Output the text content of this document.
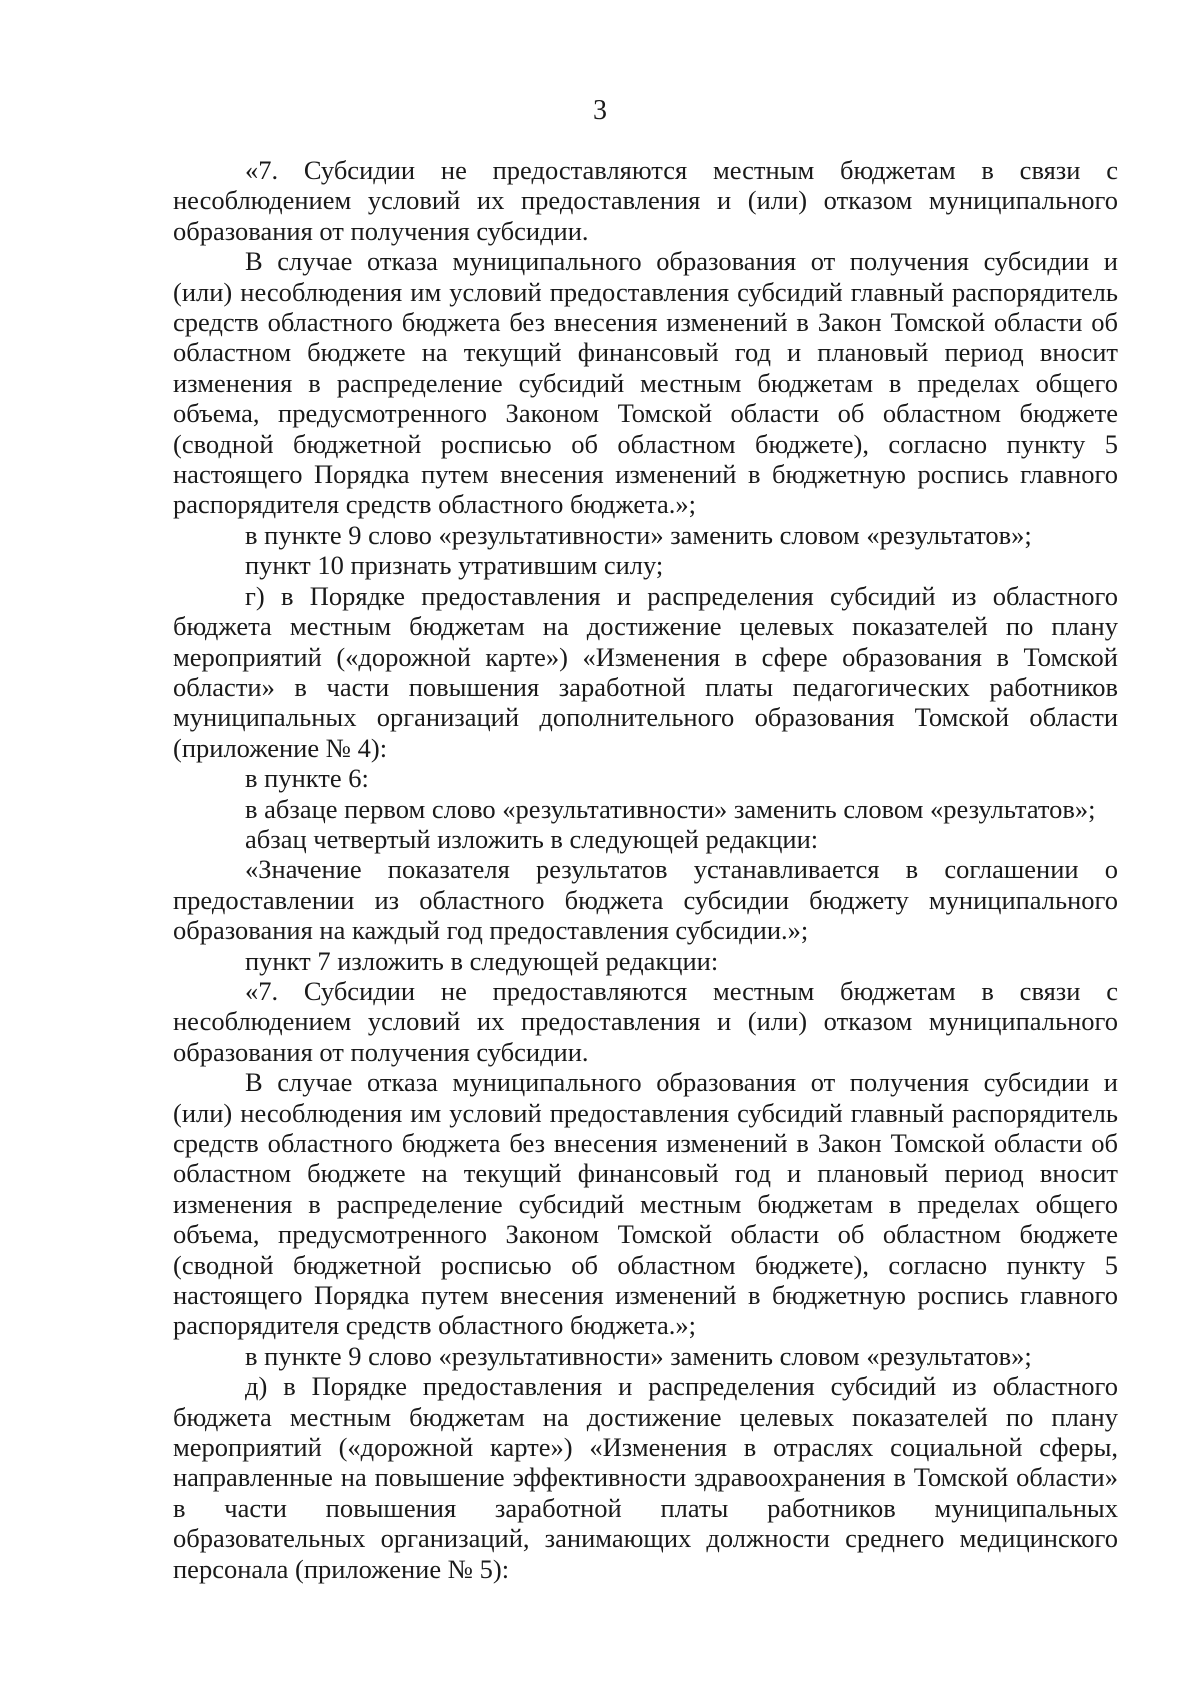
3

«7. Субсидии не предоставляются местным бюджетам в связи с несоблюдением условий их предоставления и (или) отказом муниципального образования от получения субсидии.

В случае отказа муниципального образования от получения субсидии и (или) несоблюдения им условий предоставления субсидий главный распорядитель средств областного бюджета без внесения изменений в Закон Томской области об областном бюджете на текущий финансовый год и плановый период вносит изменения в распределение субсидий местным бюджетам в пределах общего объема, предусмотренного Законом Томской области об областном бюджете (сводной бюджетной росписью об областном бюджете), согласно пункту 5 настоящего Порядка путем внесения изменений в бюджетную роспись главного распорядителя средств областного бюджета.»;

в пункте 9 слово «результативности» заменить словом «результатов»;

пункт 10 признать утратившим силу;

г) в Порядке предоставления и распределения субсидий из областного бюджета местным бюджетам на достижение целевых показателей по плану мероприятий («дорожной карте») «Изменения в сфере образования в Томской области» в части повышения заработной платы педагогических работников муниципальных организаций дополнительного образования Томской области (приложение № 4):

в пункте 6:

в абзаце первом слово «результативности» заменить словом «результатов»;

абзац четвертый изложить в следующей редакции:

«Значение показателя результатов устанавливается в соглашении о предоставлении из областного бюджета субсидии бюджету муниципального образования на каждый год предоставления субсидии.»;

пункт 7 изложить в следующей редакции:

«7. Субсидии не предоставляются местным бюджетам в связи с несоблюдением условий их предоставления и (или) отказом муниципального образования от получения субсидии.

В случае отказа муниципального образования от получения субсидии и (или) несоблюдения им условий предоставления субсидий главный распорядитель средств областного бюджета без внесения изменений в Закон Томской области об областном бюджете на текущий финансовый год и плановый период вносит изменения в распределение субсидий местным бюджетам в пределах общего объема, предусмотренного Законом Томской области об областном бюджете (сводной бюджетной росписью об областном бюджете), согласно пункту 5 настоящего Порядка путем внесения изменений в бюджетную роспись главного распорядителя средств областного бюджета.»;

в пункте 9 слово «результативности» заменить словом «результатов»;

д) в Порядке предоставления и распределения субсидий из областного бюджета местным бюджетам на достижение целевых показателей по плану мероприятий («дорожной карте») «Изменения в отраслях социальной сферы, направленные на повышение эффективности здравоохранения в Томской области» в части повышения заработной платы работников муниципальных образовательных организаций, занимающих должности среднего медицинского персонала (приложение № 5):
